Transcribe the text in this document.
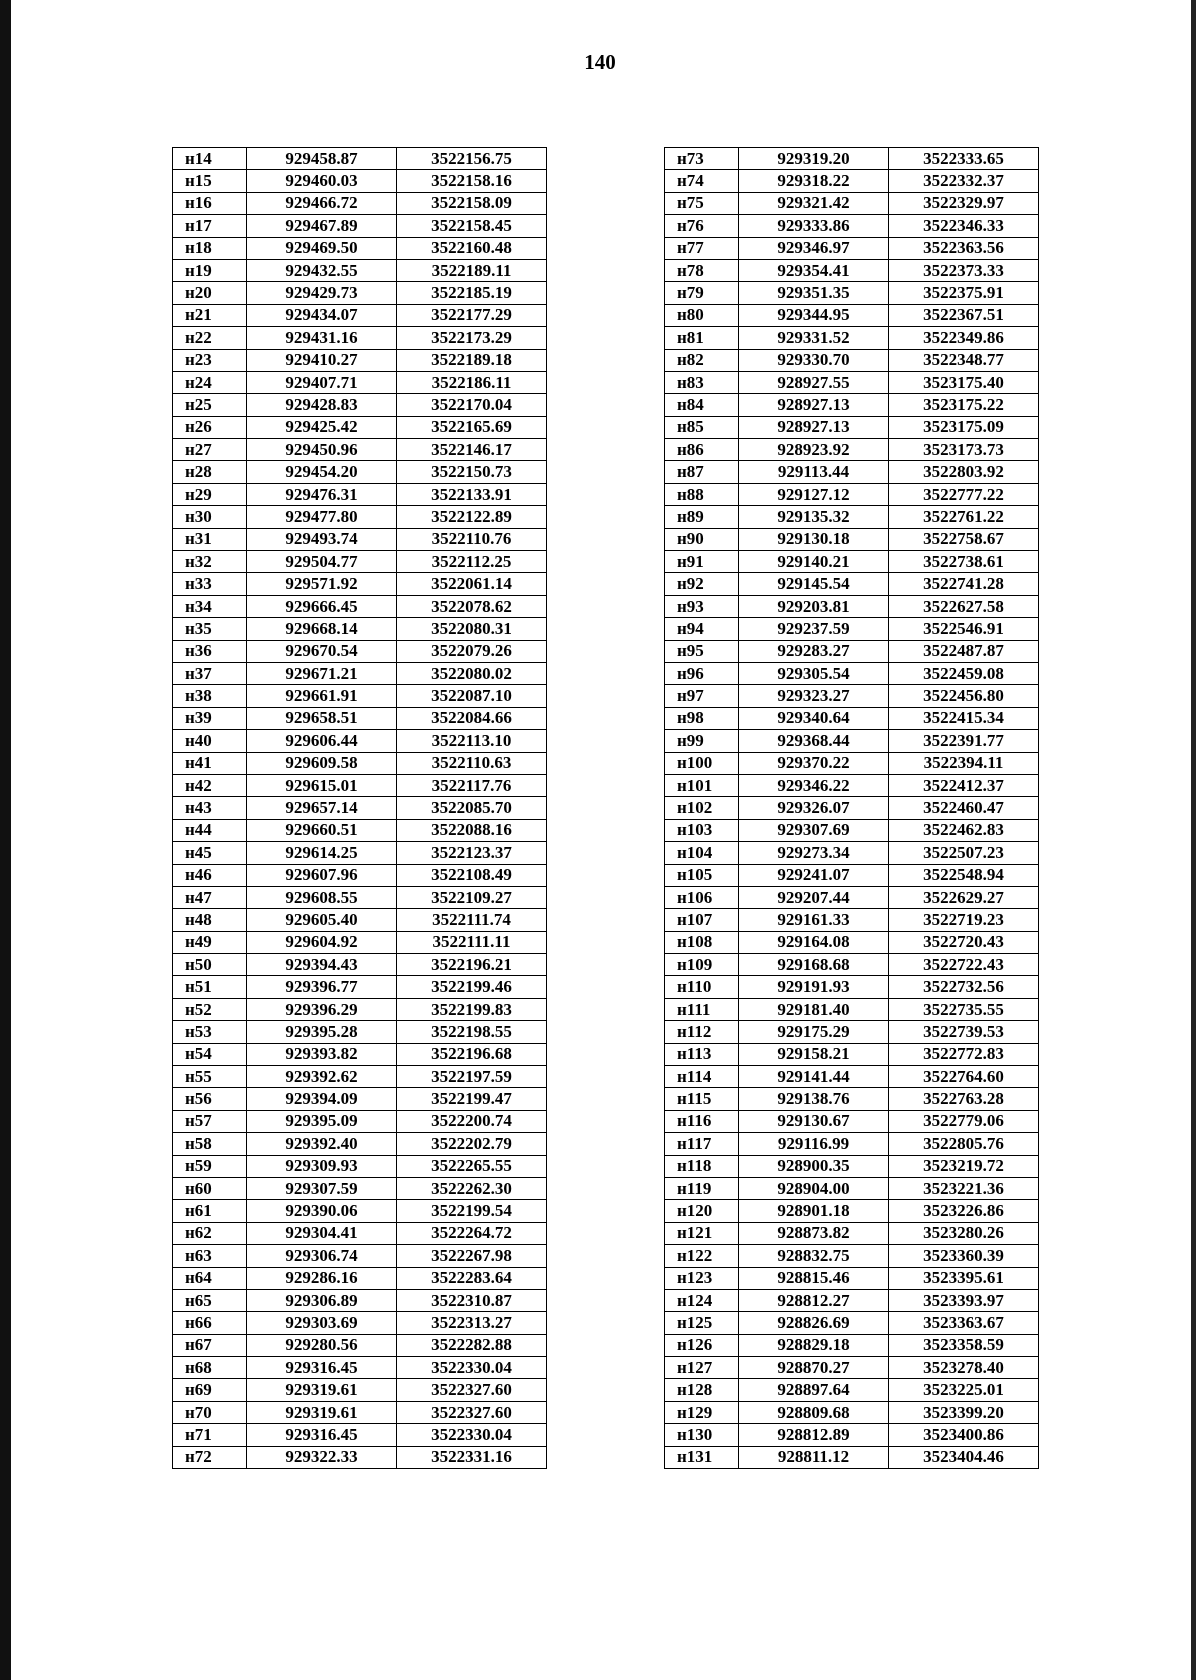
140
н14	929458.87	3522156.75
н15	929460.03	3522158.16
н16	929466.72	3522158.09
н17	929467.89	3522158.45
н18	929469.50	3522160.48
н19	929432.55	3522189.11
н20	929429.73	3522185.19
н21	929434.07	3522177.29
н22	929431.16	3522173.29
н23	929410.27	3522189.18
н24	929407.71	3522186.11
н25	929428.83	3522170.04
н26	929425.42	3522165.69
н27	929450.96	3522146.17
н28	929454.20	3522150.73
н29	929476.31	3522133.91
н30	929477.80	3522122.89
н31	929493.74	3522110.76
н32	929504.77	3522112.25
н33	929571.92	3522061.14
н34	929666.45	3522078.62
н35	929668.14	3522080.31
н36	929670.54	3522079.26
н37	929671.21	3522080.02
н38	929661.91	3522087.10
н39	929658.51	3522084.66
н40	929606.44	3522113.10
н41	929609.58	3522110.63
н42	929615.01	3522117.76
н43	929657.14	3522085.70
н44	929660.51	3522088.16
н45	929614.25	3522123.37
н46	929607.96	3522108.49
н47	929608.55	3522109.27
н48	929605.40	3522111.74
н49	929604.92	3522111.11
н50	929394.43	3522196.21
н51	929396.77	3522199.46
н52	929396.29	3522199.83
н53	929395.28	3522198.55
н54	929393.82	3522196.68
н55	929392.62	3522197.59
н56	929394.09	3522199.47
н57	929395.09	3522200.74
н58	929392.40	3522202.79
н59	929309.93	3522265.55
н60	929307.59	3522262.30
н61	929390.06	3522199.54
н62	929304.41	3522264.72
н63	929306.74	3522267.98
н64	929286.16	3522283.64
н65	929306.89	3522310.87
н66	929303.69	3522313.27
н67	929280.56	3522282.88
н68	929316.45	3522330.04
н69	929319.61	3522327.60
н70	929319.61	3522327.60
н71	929316.45	3522330.04
н72	929322.33	3522331.16
н73	929319.20	3522333.65
н74	929318.22	3522332.37
н75	929321.42	3522329.97
н76	929333.86	3522346.33
н77	929346.97	3522363.56
н78	929354.41	3522373.33
н79	929351.35	3522375.91
н80	929344.95	3522367.51
н81	929331.52	3522349.86
н82	929330.70	3522348.77
н83	928927.55	3523175.40
н84	928927.13	3523175.22
н85	928927.13	3523175.09
н86	928923.92	3523173.73
н87	929113.44	3522803.92
н88	929127.12	3522777.22
н89	929135.32	3522761.22
н90	929130.18	3522758.67
н91	929140.21	3522738.61
н92	929145.54	3522741.28
н93	929203.81	3522627.58
н94	929237.59	3522546.91
н95	929283.27	3522487.87
н96	929305.54	3522459.08
н97	929323.27	3522456.80
н98	929340.64	3522415.34
н99	929368.44	3522391.77
н100	929370.22	3522394.11
н101	929346.22	3522412.37
н102	929326.07	3522460.47
н103	929307.69	3522462.83
н104	929273.34	3522507.23
н105	929241.07	3522548.94
н106	929207.44	3522629.27
н107	929161.33	3522719.23
н108	929164.08	3522720.43
н109	929168.68	3522722.43
н110	929191.93	3522732.56
н111	929181.40	3522735.55
н112	929175.29	3522739.53
н113	929158.21	3522772.83
н114	929141.44	3522764.60
н115	929138.76	3522763.28
н116	929130.67	3522779.06
н117	929116.99	3522805.76
н118	928900.35	3523219.72
н119	928904.00	3523221.36
н120	928901.18	3523226.86
н121	928873.82	3523280.26
н122	928832.75	3523360.39
н123	928815.46	3523395.61
н124	928812.27	3523393.97
н125	928826.69	3523363.67
н126	928829.18	3523358.59
н127	928870.27	3523278.40
н128	928897.64	3523225.01
н129	928809.68	3523399.20
н130	928812.89	3523400.86
н131	928811.12	3523404.46
